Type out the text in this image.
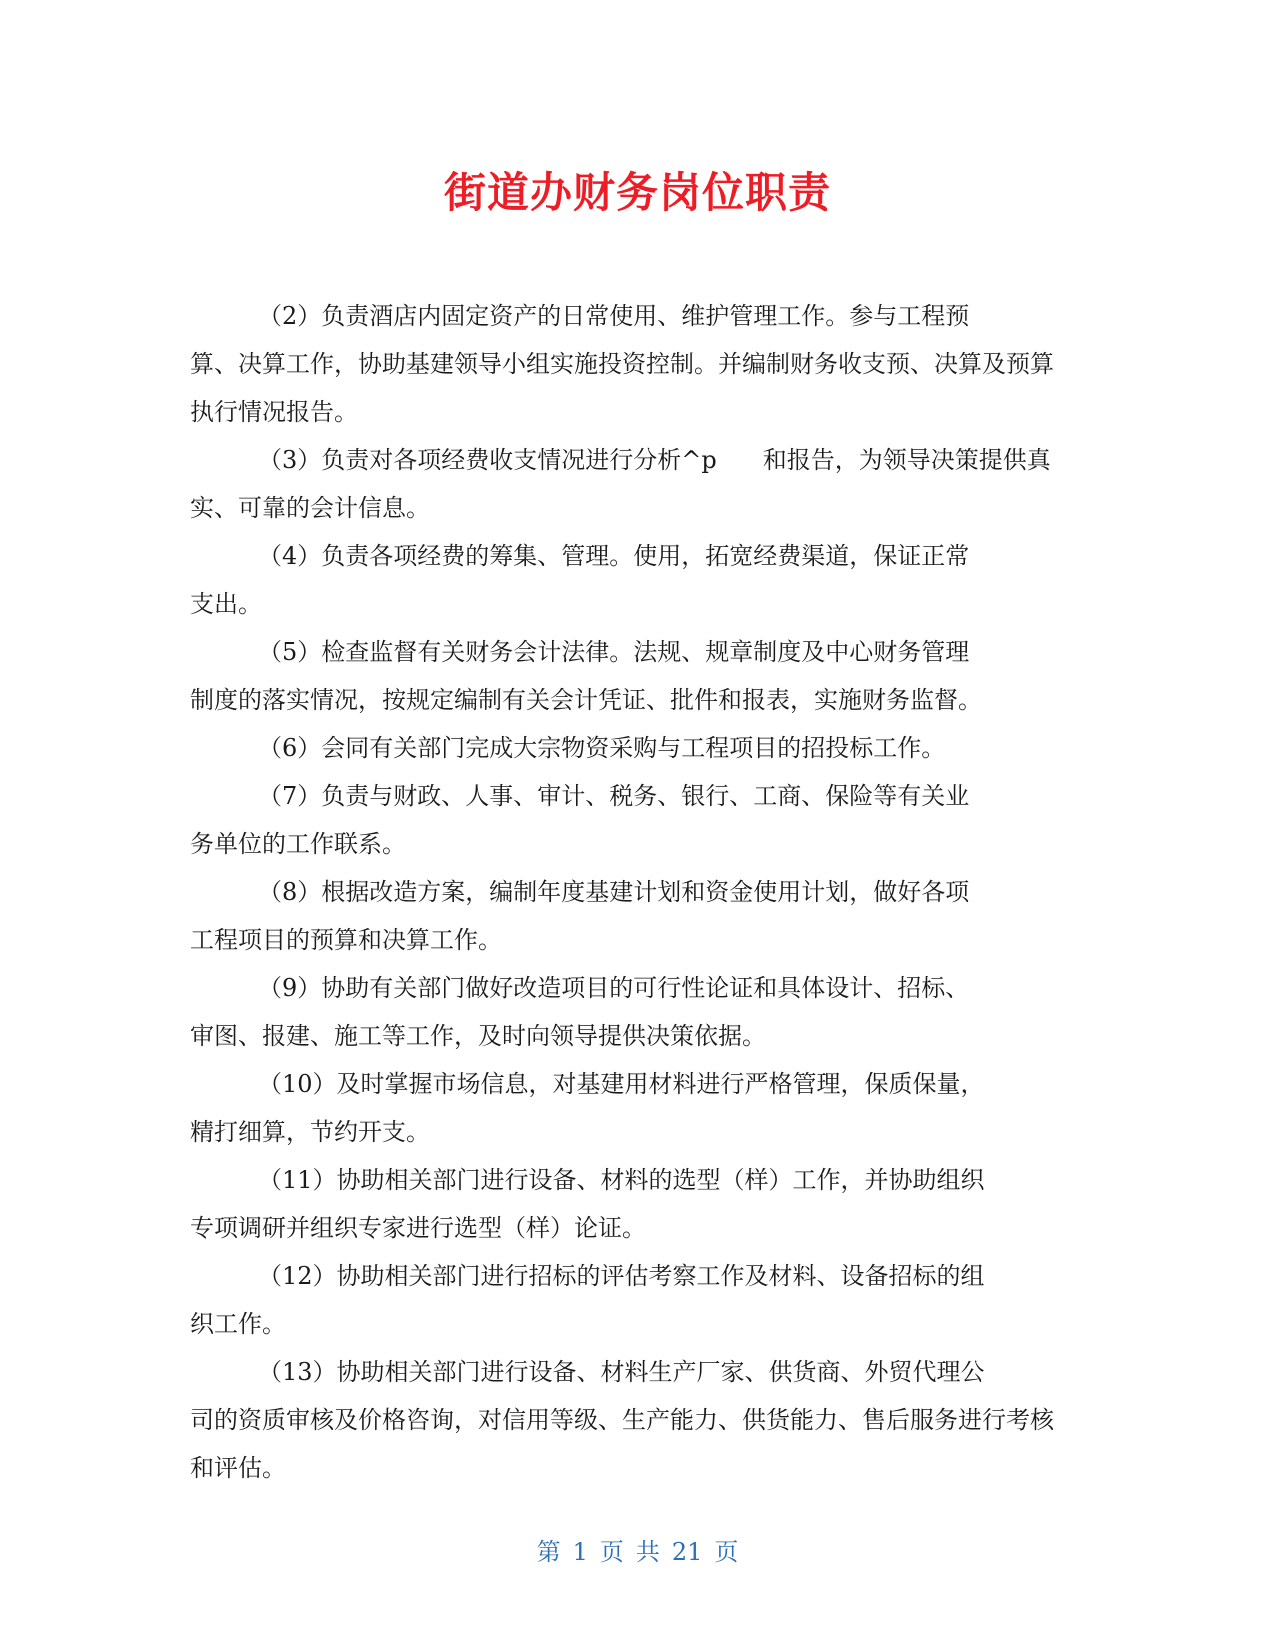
街道办财务岗位职责
（2）负责酒店内固定资产的日常使用、维护管理工作。参与工程预
算、决算工作，协助基建领导小组实施投资控制。并编制财务收支预、决算及预算
执行情况报告。
（3）负责对各项经费收支情况进行分析^p 和报告，为领导决策提供真
实、可靠的会计信息。
（4）负责各项经费的筹集、管理。使用，拓宽经费渠道，保证正常
支出。
（5）检查监督有关财务会计法律。法规、规章制度及中心财务管理
制度的落实情况，按规定编制有关会计凭证、批件和报表，实施财务监督。
（6）会同有关部门完成大宗物资采购与工程项目的招投标工作。
（7）负责与财政、人事、审计、税务、银行、工商、保险等有关业
务单位的工作联系。
（8）根据改造方案，编制年度基建计划和资金使用计划，做好各项
工程项目的预算和决算工作。
（9）协助有关部门做好改造项目的可行性论证和具体设计、招标、
审图、报建、施工等工作，及时向领导提供决策依据。
（10）及时掌握市场信息，对基建用材料进行严格管理，保质保量，
精打细算，节约开支。
（11）协助相关部门进行设备、材料的选型（样）工作，并协助组织
专项调研并组织专家进行选型（样）论证。
（12）协助相关部门进行招标的评估考察工作及材料、设备招标的组
织工作。
（13）协助相关部门进行设备、材料生产厂家、供货商、外贸代理公
司的资质审核及价格咨询，对信用等级、生产能力、供货能力、售后服务进行考核
和评估。
第 1 页 共 21 页
